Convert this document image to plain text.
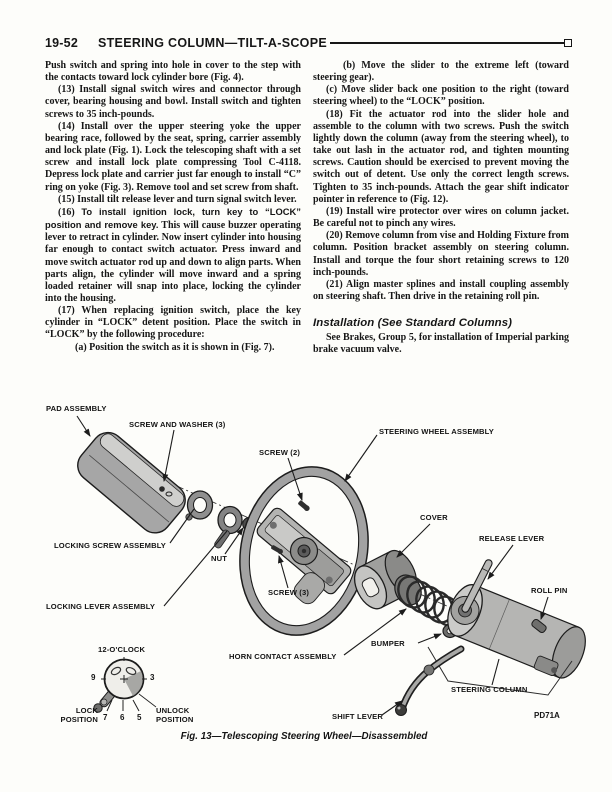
19-52 STEERING COLUMN—TILT-A-SCOPE

Push switch and spring into hole in cover to the step with the contacts toward lock cylinder bore (Fig. 4).

(13) Install signal switch wires and connector through cover, bearing housing and bowl. Install switch and tighten screws to 35 inch-pounds.

(14) Install over the upper steering yoke the upper bearing race, followed by the seat, spring, carrier assembly and lock plate (Fig. 1). Lock the telescoping shaft with a set screw and install lock plate compressing Tool C-4118. Depress lock plate and carrier just far enough to install “C” ring on yoke (Fig. 3). Remove tool and set screw from shaft.

(15) Install tilt release lever and turn signal switch lever.

(16) To install ignition lock, turn key to “LOCK” position and remove key. This will cause buzzer operating lever to retract in cylinder. Now insert cylinder into housing far enough to contact switch actuator. Press inward and move switch actuator rod up and down to align parts. When parts align, the cylinder will move inward and a spring loaded retainer will snap into place, locking the cylinder into the housing.

(17) When replacing ignition switch, place the key cylinder in “LOCK” detent position. Place the switch in “LOCK” by the following procedure:

(a) Position the switch as it is shown in (Fig. 7).

(b) Move the slider to the extreme left (toward steering gear).

(c) Move slider back one position to the right (toward steering wheel) to the “LOCK” position.

(18) Fit the actuator rod into the slider hole and assemble to the column with two screws. Push the switch lightly down the column (away from the steering wheel), to take out lash in the actuator rod, and tighten mounting screws. Caution should be exercised to prevent moving the switch out of detent. Use only the correct length screws. Tighten to 35 inch-pounds. Attach the gear shift indicator pointer in reference to (Fig. 12).

(19) Install wire protector over wires on column jacket. Be careful not to pinch any wires.

(20) Remove column from vise and Holding Fixture from column. Position bracket assembly on steering column. Install and torque the four short retaining screws to 120 inch-pounds.

(21) Align master splines and install coupling assembly on steering shaft. Then drive in the retaining roll pin.

Installation (See Standard Columns)

See Brakes, Group 5, for installation of Imperial parking brake vacuum valve.

PAD ASSEMBLY
SCREW AND WASHER (3)
STEERING WHEEL ASSEMBLY
SCREW (2)
COVER
RELEASE LEVER
LOCKING SCREW ASSEMBLY
NUT
ROLL PIN
SCREW (3)
LOCKING LEVER ASSEMBLY
12-O'CLOCK
BUMPER
HORN CONTACT ASSEMBLY
STEERING COLUMN
SHIFT LEVER
9	3
7 6 5
LOCK POSITION
UNLOCK POSITION	PD71A
Fig. 13—Telescoping Steering Wheel—Disassembled
